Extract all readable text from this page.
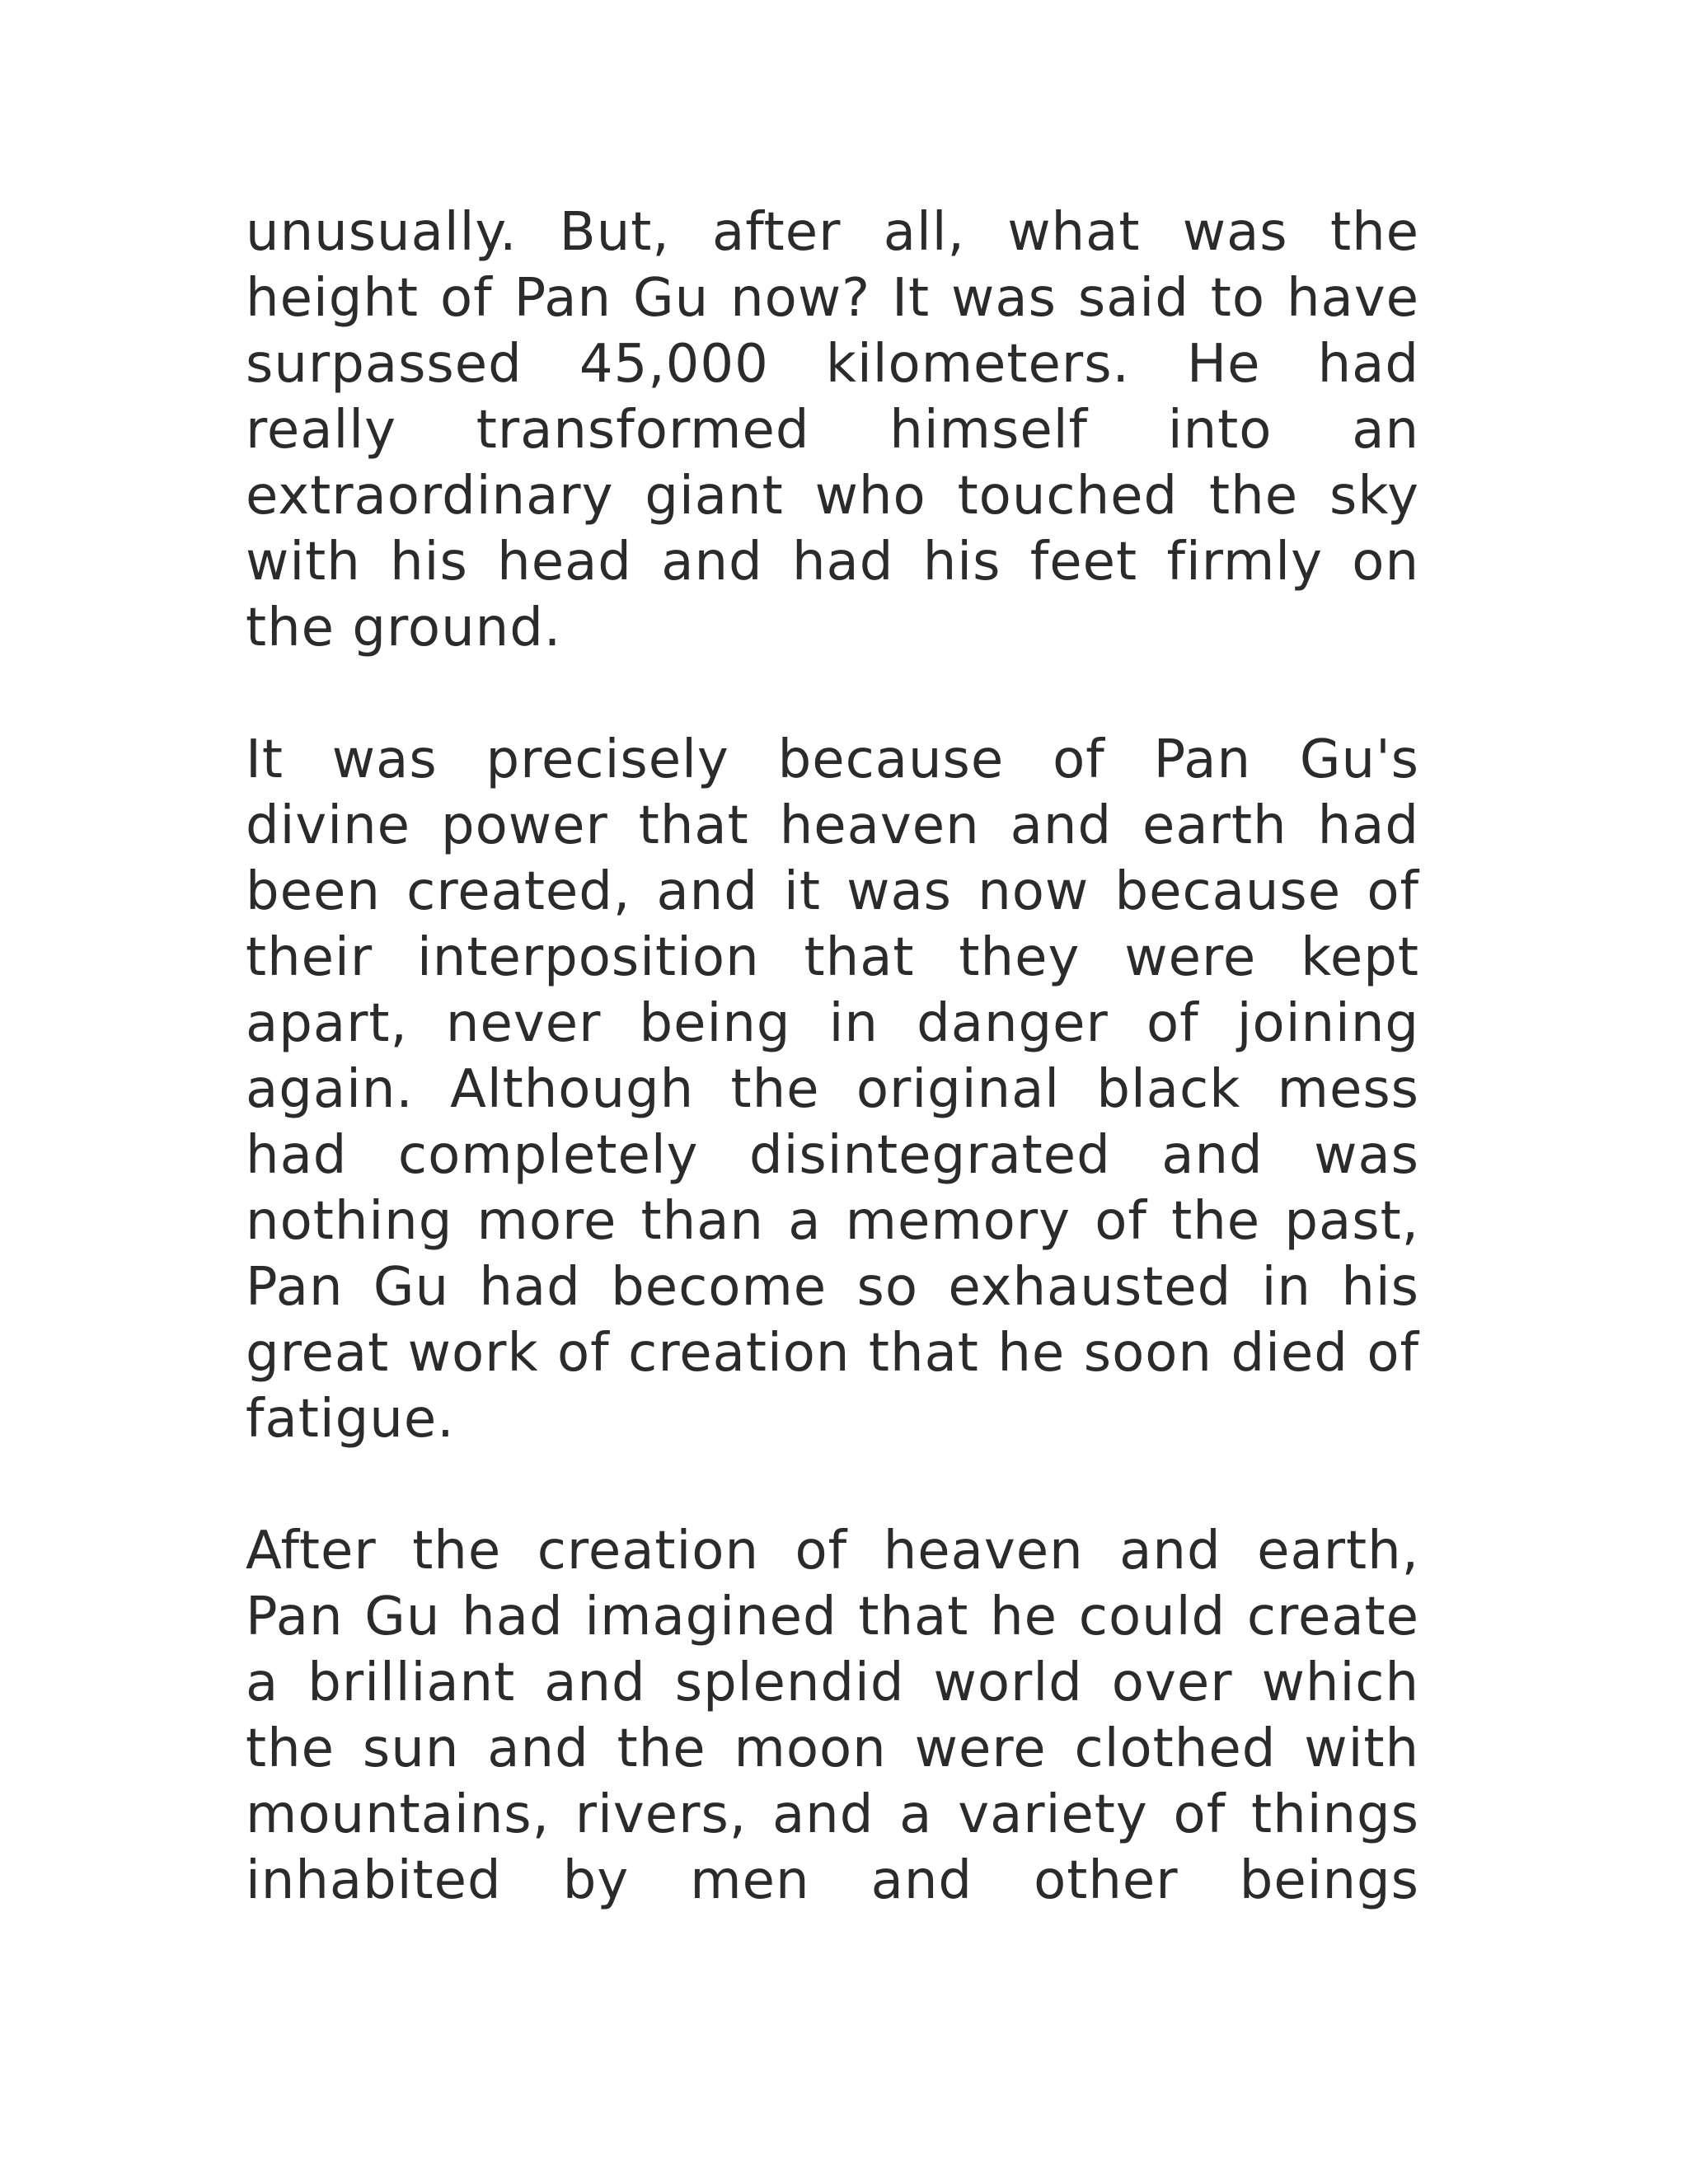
unusually. But, after all, what was the
height of Pan Gu now? It was said to have
surpassed 45,000 kilometers. He had
really transformed himself into an
extraordinary giant who touched the sky
with his head and had his feet firmly on
the ground.
It was precisely because of Pan Gu's
divine power that heaven and earth had
been created, and it was now because of
their interposition that they were kept
apart, never being in danger of joining
again. Although the original black mess
had completely disintegrated and was
nothing more than a memory of the past,
Pan Gu had become so exhausted in his
great work of creation that he soon died of
fatigue.
After the creation of heaven and earth,
Pan Gu had imagined that he could create
a brilliant and splendid world over which
the sun and the moon were clothed with
mountains, rivers, and a variety of things
inhabited by men and other beings
